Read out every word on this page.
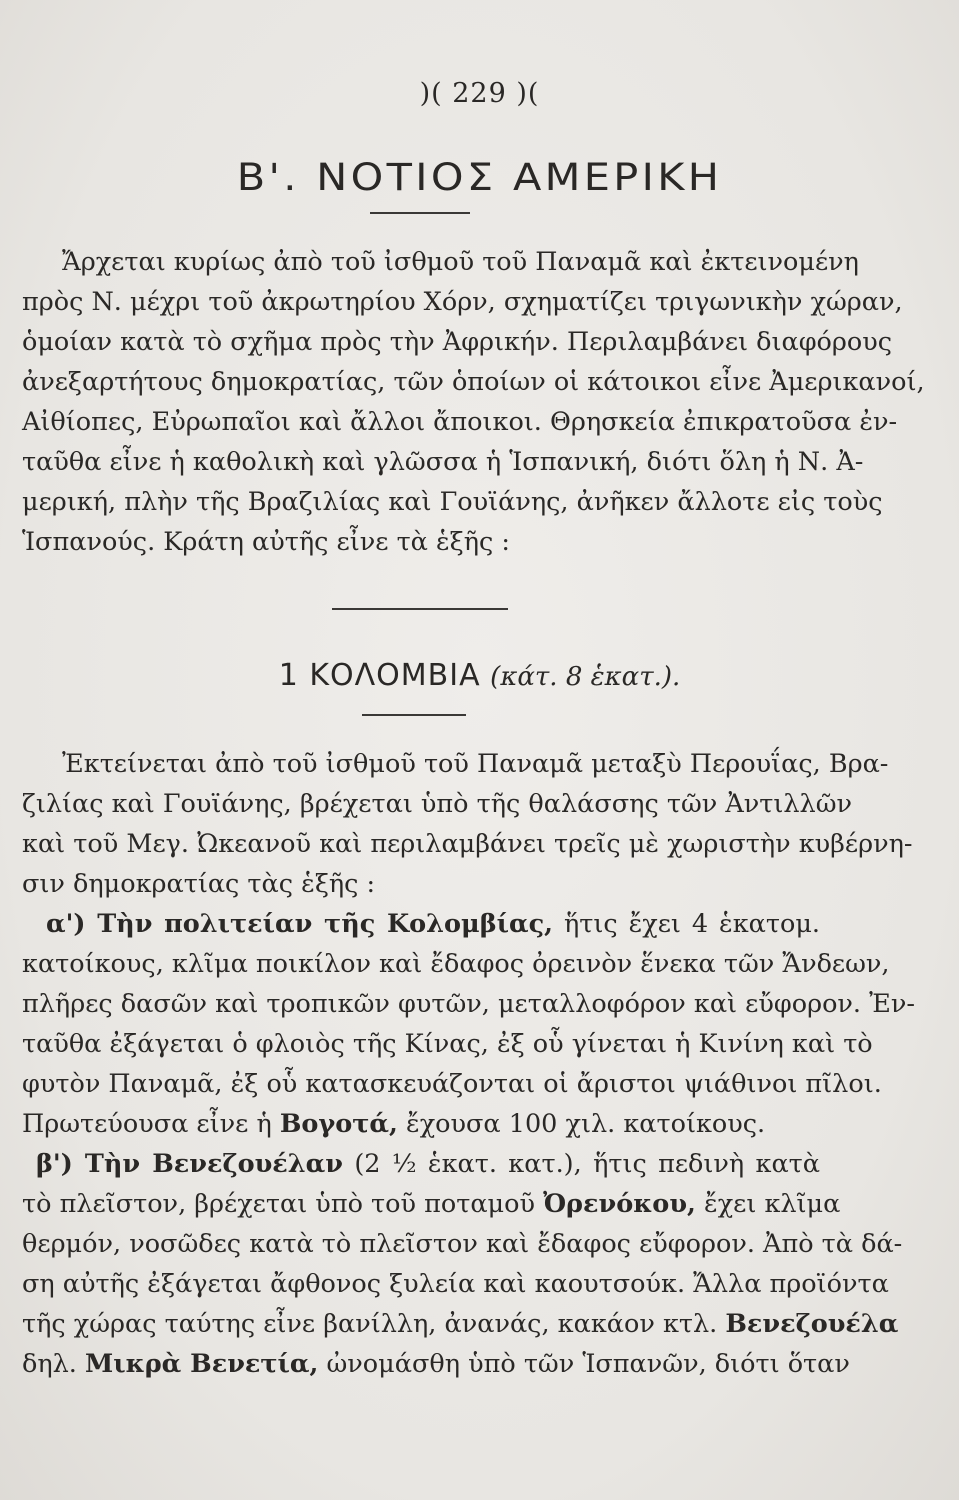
)( 229 )(
Β'. ΝΟΤΙΟΣ ΑΜΕΡΙΚΗ
Ἄρχεται κυρίως ἀπὸ τοῦ ἰσθμοῦ τοῦ Παναμᾶ καὶ ἐκτεινομένη
πρὸς Ν. μέχρι τοῦ ἀκρωτηρίου Χόρν, σχηματίζει τριγωνικὴν χώραν,
ὁμοίαν κατὰ τὸ σχῆμα πρὸς τὴν Ἀφρικήν. Περιλαμβάνει διαφόρους
ἀνεξαρτήτους δημοκρατίας, τῶν ὁποίων οἱ κάτοικοι εἶνε Ἀμερικανοί,
Αἰθίοπες, Εὐρωπαῖοι καὶ ἄλλοι ἄποικοι. Θρησκεία ἐπικρατοῦσα ἐν-
ταῦθα εἶνε ἡ καθολικὴ καὶ γλῶσσα ἡ Ἱσπανική, διότι ὅλη ἡ Ν. Ἀ-
μερική, πλὴν τῆς Βραζιλίας καὶ Γουϊάνης, ἀνῆκεν ἄλλοτε εἰς τοὺς
Ἱσπανούς. Κράτη αὐτῆς εἶνε τὰ ἑξῆς :
1 ΚΟΛΟΜΒΙΑ (κάτ. 8 ἑκατ.).
Ἐκτείνεται ἀπὸ τοῦ ἰσθμοῦ τοῦ Παναμᾶ μεταξὺ Περουΐας, Βρα-
ζιλίας καὶ Γουϊάνης, βρέχεται ὑπὸ τῆς θαλάσσης τῶν Ἀντιλλῶν
καὶ τοῦ Μεγ. Ὠκεανοῦ καὶ περιλαμβάνει τρεῖς μὲ χωριστὴν κυβέρνη-
σιν δημοκρατίας τὰς ἑξῆς :
α') Τὴν πολιτείαν τῆς Κολομβίας, ἥτις ἔχει 4 ἑκατομ.
κατοίκους, κλῖμα ποικίλον καὶ ἔδαφος ὀρεινὸν ἕνεκα τῶν Ἄνδεων,
πλῆρες δασῶν καὶ τροπικῶν φυτῶν, μεταλλοφόρον καὶ εὔφορον. Ἐν-
ταῦθα ἐξάγεται ὁ φλοιὸς τῆς Κίνας, ἐξ οὗ γίνεται ἡ Κινίνη καὶ τὸ
φυτὸν Παναμᾶ, ἐξ οὗ κατασκευάζονται οἱ ἄριστοι ψιάθινοι πῖλοι.
Πρωτεύουσα εἶνε ἡ Βογοτά, ἔχουσα 100 χιλ. κατοίκους.
β') Τὴν Βενεζουέλαν (2 ½ ἑκατ. κατ.), ἥτις πεδινὴ κατὰ
τὸ πλεῖστον, βρέχεται ὑπὸ τοῦ ποταμοῦ Ὀρενόκου, ἔχει κλῖμα
θερμόν, νοσῶδες κατὰ τὸ πλεῖστον καὶ ἔδαφος εὔφορον. Ἀπὸ τὰ δά-
ση αὐτῆς ἐξάγεται ἄφθονος ξυλεία καὶ καουτσούκ. Ἄλλα προϊόντα
τῆς χώρας ταύτης εἶνε βανίλλη, ἀνανάς, κακάον κτλ. Βενεζουέλα
δηλ. Μικρὰ Βενετία, ὠνομάσθη ὑπὸ τῶν Ἱσπανῶν, διότι ὅταν
